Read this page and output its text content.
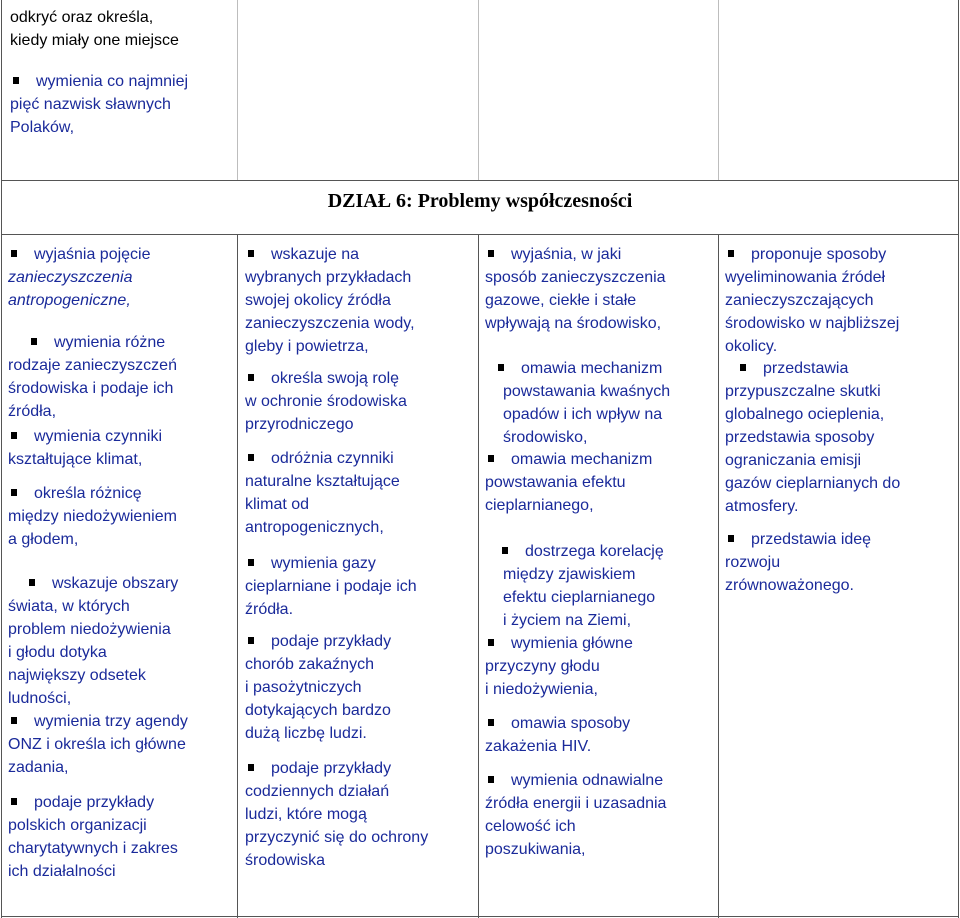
odkryć oraz określa,
kiedy miały one miejsce
wymienia co najmniej
pięć nazwisk sławnych
Polaków,
DZIAŁ 6: Problemy współczesności
wyjaśnia pojęcie
zanieczyszczenia
antropogeniczne,
wymienia różne
rodzaje zanieczyszczeń
środowiska i podaje ich
źródła,
wymienia czynniki
kształtujące klimat,
określa różnicę
między niedożywieniem
a głodem,
wskazuje obszary
świata, w których
problem niedożywienia
i głodu dotyka
największy odsetek
ludności,
wymienia trzy agendy
ONZ i określa ich główne
zadania,
podaje przykłady
polskich organizacji
charytatywnych i zakres
ich działalności
wskazuje na
wybranych przykładach
swojej okolicy źródła
zanieczyszczenia wody,
gleby i powietrza,
określa swoją rolę
w ochronie środowiska
przyrodniczego
odróżnia czynniki
naturalne kształtujące
klimat od
antropogenicznych,
wymienia gazy
cieplarniane i podaje ich
źródła.
podaje przykłady
chorób zakaźnych
i pasożytniczych
dotykających bardzo
dużą liczbę ludzi.
podaje przykłady
codziennych działań
ludzi, które mogą
przyczynić się do ochrony
środowiska
wyjaśnia, w jaki
sposób zanieczyszczenia
gazowe, ciekłe i stałe
wpływają na środowisko,
omawia mechanizm
powstawania kwaśnych
opadów i ich wpływ na
środowisko,
omawia mechanizm
powstawania efektu
cieplarnianego,
dostrzega korelację
między zjawiskiem
efektu cieplarnianego
i życiem na Ziemi,
wymienia główne
przyczyny głodu
i niedożywienia,
omawia sposoby
zakażenia HIV.
wymienia odnawialne
źródła energii i uzasadnia
celowość ich
poszukiwania,
proponuje sposoby
wyeliminowania źródeł
zanieczyszczających
środowisko w najbliższej
okolicy.
przedstawia
przypuszczalne skutki
globalnego ocieplenia,
przedstawia sposoby
ograniczania emisji
gazów cieplarnianych do
atmosfery.
przedstawia ideę
rozwoju
zrównoważonego.
